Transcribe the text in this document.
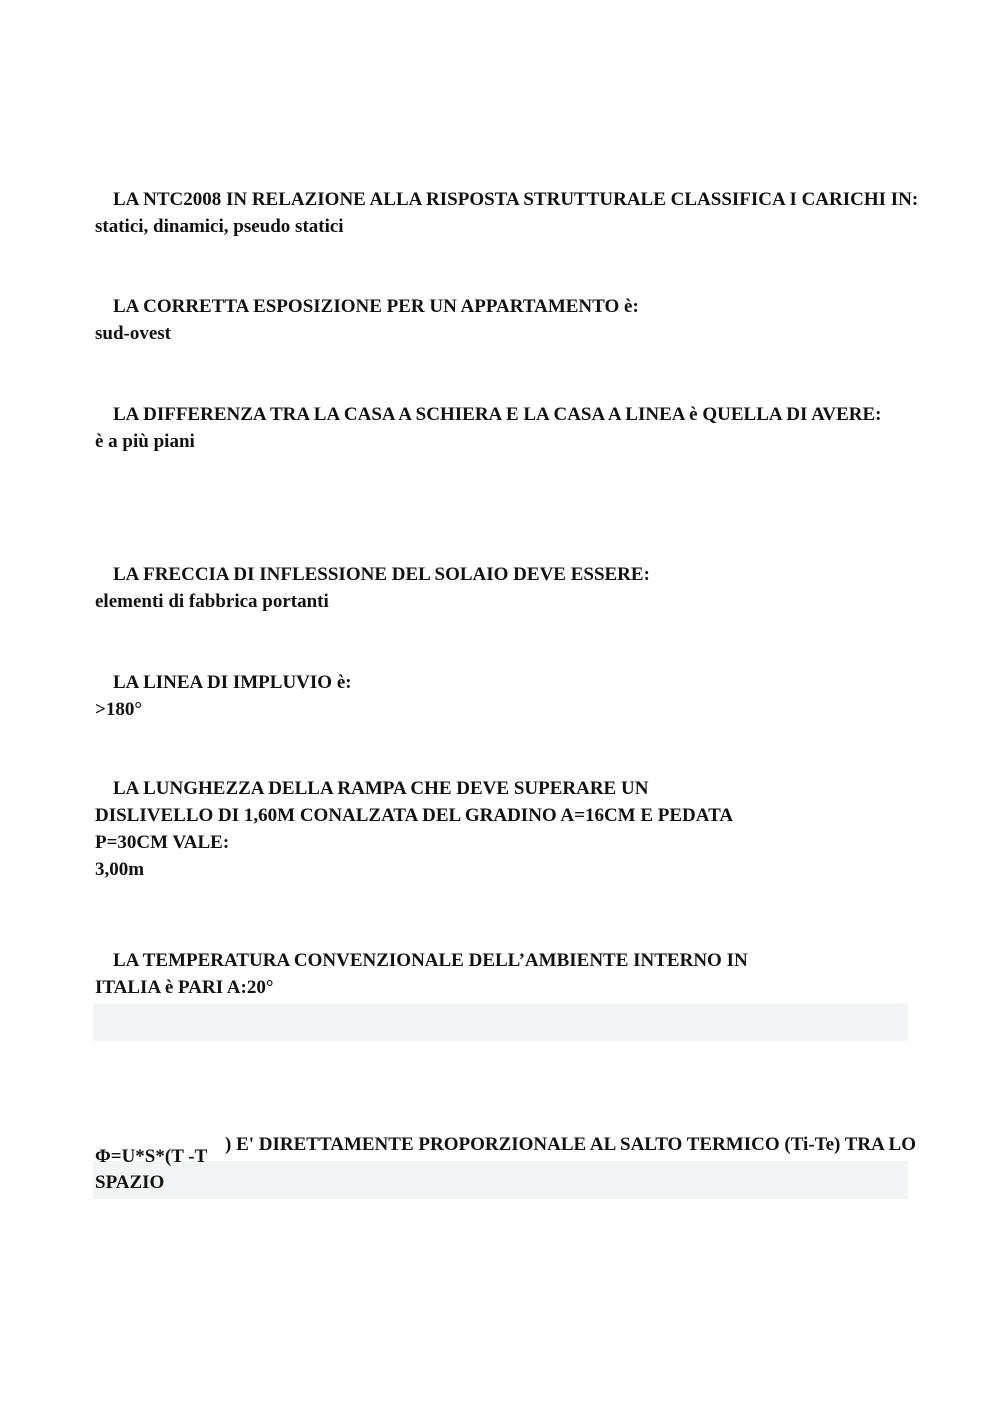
LA NTC2008 IN RELAZIONE ALLA RISPOSTA STRUTTURALE CLASSIFICA I CARICHI IN:
statici, dinamici, pseudo statici
LA CORRETTA ESPOSIZIONE PER UN APPARTAMENTO è:
sud-ovest
LA DIFFERENZA TRA LA CASA A SCHIERA E LA CASA A LINEA è QUELLA DI AVERE:
è a più piani
LA FRECCIA DI INFLESSIONE DEL SOLAIO DEVE ESSERE:
elementi di fabbrica portanti
LA LINEA DI IMPLUVIO è:
>180°
LA LUNGHEZZA DELLA RAMPA CHE DEVE SUPERARE UN
DISLIVELLO DI 1,60M CONALZATA DEL GRADINO A=16CM E PEDATA
P=30CM VALE:
3,00m
LA TEMPERATURA CONVENZIONALE DELL’AMBIENTE INTERNO IN
ITALIA è PARI A:20°
Φ=U*S*(T -T
) E' DIRETTAMENTE PROPORZIONALE AL SALTO TERMICO (Ti-Te) TRA LO
SPAZIO
